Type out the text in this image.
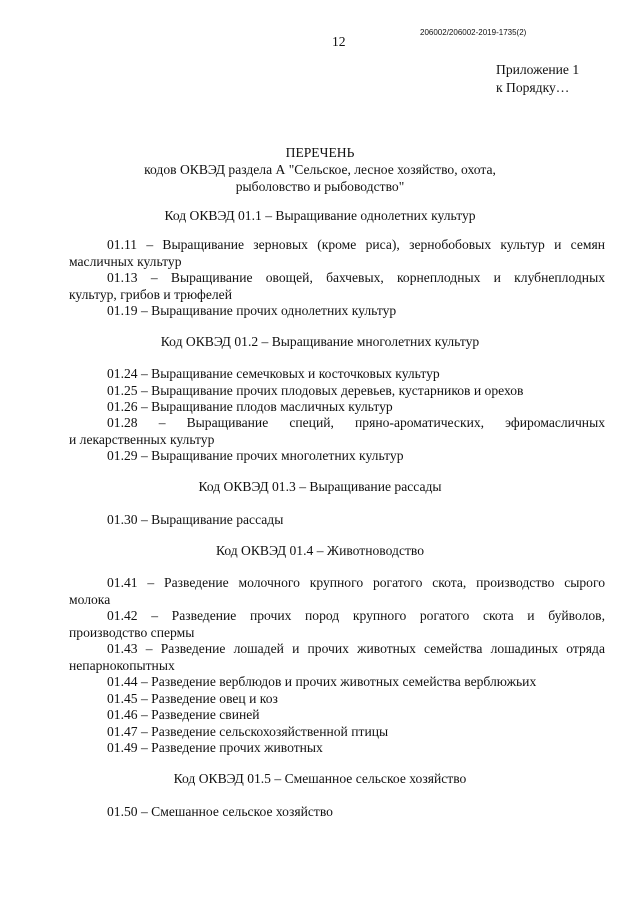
206002/206002-2019-1735(2)
12
Приложение 1
к Порядку…
ПЕРЕЧЕНЬ
кодов ОКВЭД раздела А "Сельское, лесное хозяйство, охота,
рыболовство и рыбоводство"
Код ОКВЭД 01.1 – Выращивание однолетних культур
01.11 – Выращивание зерновых (кроме риса), зернобобовых культур и семян
масличных культур
01.13 – Выращивание овощей, бахчевых, корнеплодных и клубнеплодных
культур, грибов и трюфелей
01.19 – Выращивание прочих однолетних культур
Код ОКВЭД 01.2 – Выращивание многолетних культур
01.24 – Выращивание семечковых и косточковых культур
01.25 – Выращивание прочих плодовых деревьев, кустарников и орехов
01.26 – Выращивание плодов масличных культур
01.28 – Выращивание специй, пряно-ароматических, эфиромасличных
и лекарственных культур
01.29 – Выращивание прочих многолетних культур
Код ОКВЭД 01.3 – Выращивание рассады
01.30 – Выращивание рассады
Код ОКВЭД 01.4 – Животноводство
01.41 – Разведение молочного крупного рогатого скота, производство сырого
молока
01.42 – Разведение прочих пород крупного рогатого скота и буйволов,
производство спермы
01.43 – Разведение лошадей и прочих животных семейства лошадиных отряда
непарнокопытных
01.44 – Разведение верблюдов и прочих животных семейства верблюжьих
01.45 – Разведение овец и коз
01.46 – Разведение свиней
01.47 – Разведение сельскохозяйственной птицы
01.49 – Разведение прочих животных
Код ОКВЭД 01.5 – Смешанное сельское хозяйство
01.50 – Смешанное сельское хозяйство
